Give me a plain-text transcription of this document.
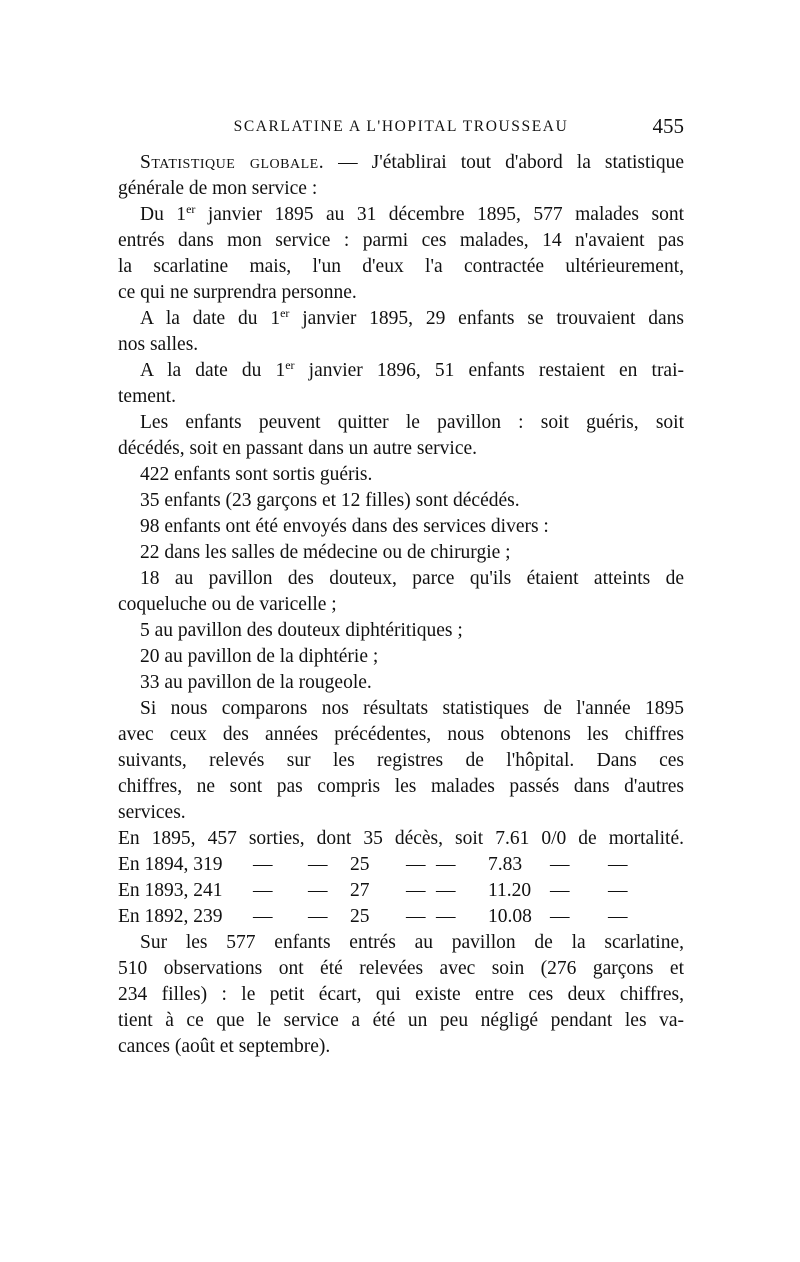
SCARLATINE A L'HOPITAL TROUSSEAU	455
Statistique globale. — J'établirai tout d'abord la statistique
générale de mon service :
Du 1er janvier 1895 au 31 décembre 1895, 577 malades sont
entrés dans mon service : parmi ces malades, 14 n'avaient pas
la scarlatine mais, l'un d'eux l'a contractée ultérieurement,
ce qui ne surprendra personne.
A la date du 1er janvier 1895, 29 enfants se trouvaient dans
nos salles.
A la date du 1er janvier 1896, 51 enfants restaient en trai-
tement.
Les enfants peuvent quitter le pavillon : soit guéris, soit
décédés, soit en passant dans un autre service.
422 enfants sont sortis guéris.
35 enfants (23 garçons et 12 filles) sont décédés.
98 enfants ont été envoyés dans des services divers :
22 dans les salles de médecine ou de chirurgie ;
18 au pavillon des douteux, parce qu'ils étaient atteints de
coqueluche ou de varicelle ;
5 au pavillon des douteux diphtéritiques ;
20 au pavillon de la diphtérie ;
33 au pavillon de la rougeole.
Si nous comparons nos résultats statistiques de l'année 1895
avec ceux des années précédentes, nous obtenons les chiffres
suivants, relevés sur les registres de l'hôpital. Dans ces
chiffres, ne sont pas compris les malades passés dans d'autres
services.
En 1895, 457 sorties, dont 35 décès, soit 7.61 0/0 de mortalité.
En 1894, 319 — — 25 — — 7.83 — —
En 1893, 241 — — 27 — — 11.20 — —
En 1892, 239 — — 25 — — 10.08 — —
Sur les 577 enfants entrés au pavillon de la scarlatine,
510 observations ont été relevées avec soin (276 garçons et
234 filles) : le petit écart, qui existe entre ces deux chiffres,
tient à ce que le service a été un peu négligé pendant les va-
cances (août et septembre).
